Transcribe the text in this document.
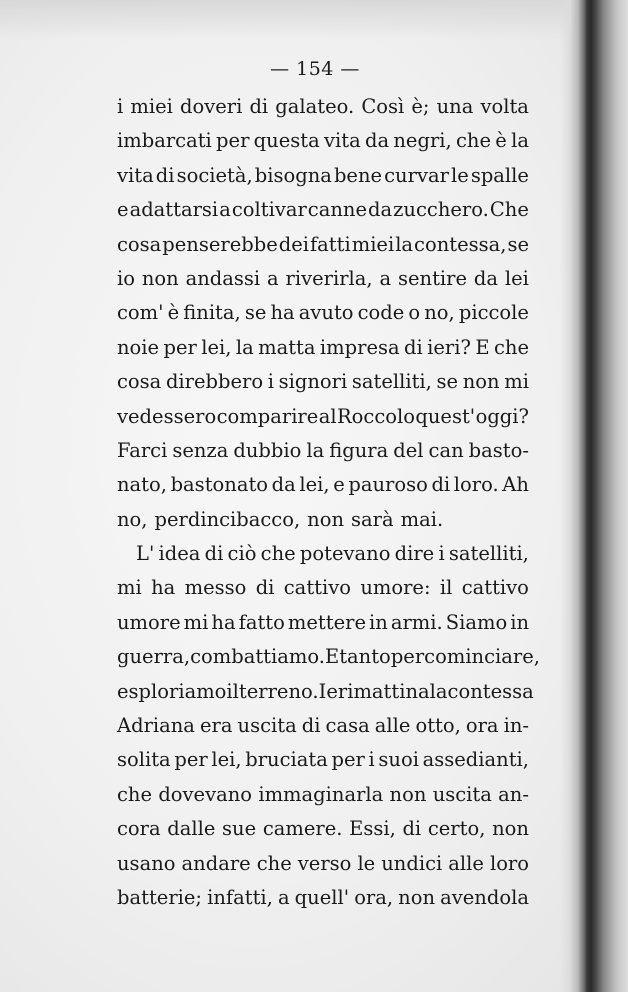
— 154 —
i miei doveri di galateo. Così è; una volta
imbarcati per questa vita da negri, che è la
vita di società, bisogna bene curvar le spalle
e adattarsi a coltivar canne da zucchero. Che
cosa penserebbe dei fatti miei la contessa, se
io non andassi a riverirla, a sentire da lei
com' è finita, se ha avuto code o no, piccole
noie per lei, la matta impresa di ieri? E che
cosa direbbero i signori satelliti, se non mi
vedessero comparire al Roccolo quest' oggi?
Farci senza dubbio la figura del can basto-
nato, bastonato da lei, e pauroso di loro. Ah
no, perdincibacco, non sarà mai.
L' idea di ciò che potevano dire i satelliti,
mi ha messo di cattivo umore: il cattivo
umore mi ha fatto mettere in armi. Siamo in
guerra, combattiamo. E tanto per cominciare,
esploriamo il terreno. Ieri mattina la contessa
Adriana era uscita di casa alle otto, ora in-
solita per lei, bruciata per i suoi assedianti,
che dovevano immaginarla non uscita an-
cora dalle sue camere. Essi, di certo, non
usano andare che verso le undici alle loro
batterie; infatti, a quell' ora, non avendola
